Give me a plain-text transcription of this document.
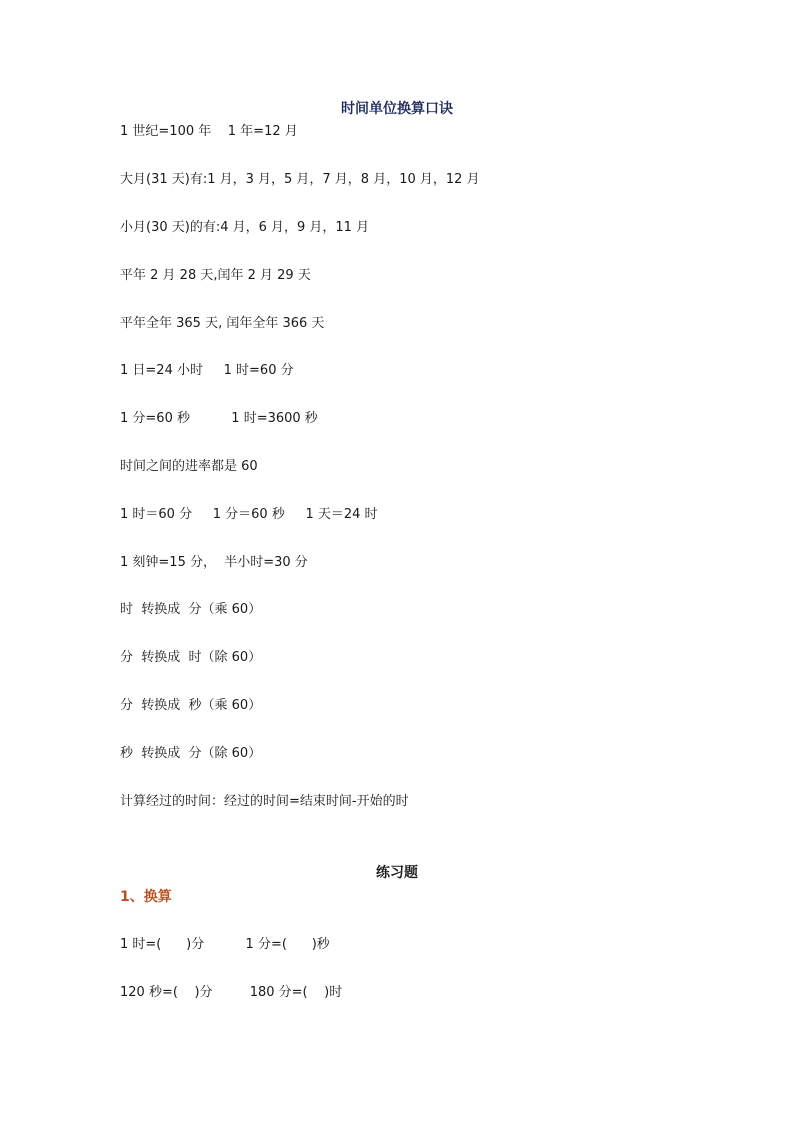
时间单位换算口诀
1 世纪=100 年    1 年=12 月
大月(31 天)有:1 月，3 月，5 月，7 月，8 月，10 月，12 月
小月(30 天)的有:4 月，6 月，9 月，11 月
平年 2 月 28 天,闰年 2 月 29 天
平年全年 365 天, 闰年全年 366 天
1 日=24 小时     1 时=60 分
1 分=60 秒          1 时=3600 秒
时间之间的进率都是 60
1 时＝60 分     1 分＝60 秒     1 天＝24 时
1 刻钟=15 分，  半小时=30 分
时  转换成  分（乘 60）
分  转换成  时（除 60）
分  转换成  秒（乘 60）
秒  转换成  分（除 60）
计算经过的时间：经过的时间=结束时间-开始的时
练习题
1、换算
1 时=(      )分          1 分=(      )秒
120 秒=(    )分         180 分=(    )时
